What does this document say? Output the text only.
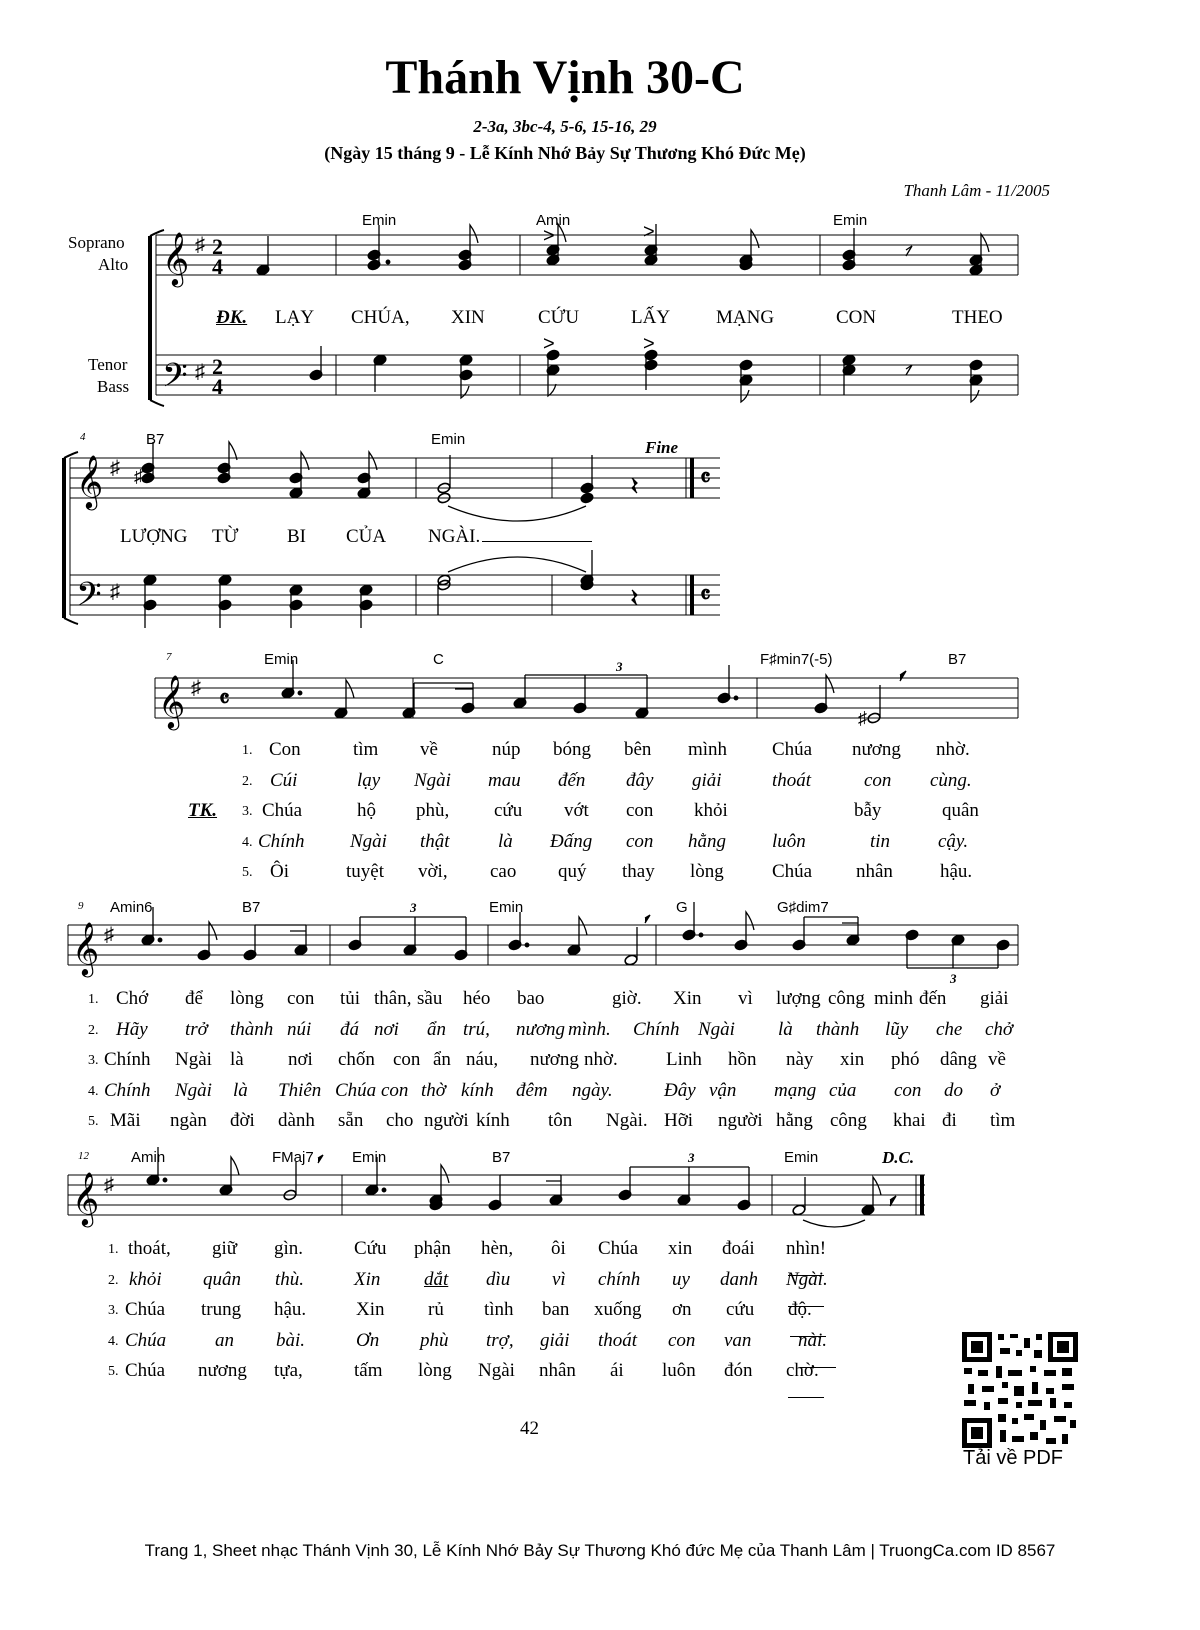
Thánh Vịnh 30-C
2-3a, 3bc-4, 5-6, 15-16, 29
(Ngày 15 tháng 9 - Lễ Kính Nhớ Bảy Sự Thương Khó Đức Mẹ)
Thanh Lâm - 11/2005
Soprano
Alto
Tenor
Bass
𝄞
𝄢
𝄞
𝄢
𝄞
𝄞
𝄞
♯
♯
♯
♯
♯
♯
♯
2
4
2
4
𝄴
𝄴
𝄴
>	>
>	>
Fine
♯
♯
3
3
3
3	D.C.
4
7
9
12
Emin	Amin	Emin
B7	Emin
Emin	C	F♯min7(-5)	B7
Amin6	B7	Emin	G	G♯dim7
Amin	FMaj7	Emin	B7	Emin
ĐK. LẠY CHÚA, XIN	CỨU	LẤY MẠNG	CON	THEO
LƯỢNG TỪ	BI CỦA NGÀI.
TK.
1. Con	tìm về	núp bóng bên mình Chúa nương nhờ.
2. Cúi	lạy Ngài mau đến đây giải	thoát	con cùng.
3. Chúa	hộ phù, cứu vớt con khỏi	bẫy	quân
4. Chính Ngài thật	là Đấng con hằng luôn	tin	cậy.
5. Ôi	tuyệt vời, cao quý thay lòng	Chúa nhân hậu.
1. Chớ để lòng con tủi thân, sầu héo bao	giờ. Xin vì lượng công minh đến giải
2. Hãy trở thành núi đá nơi ẩn trú, nương mình. Chính Ngài là thành lũy che chở
3. Chính Ngài là nơi chốn con ẩn náu, nương nhờ.	Linh hồn này xin phó dâng về
4. Chính Ngài là Thiên Chúa con thờ kính đêm ngày.	Đây vận mạng của con do ở
5. Mãi ngàn đời dành sẵn cho người kính tôn Ngài. Hỡi người hằng công khai đi tìm
1. thoát, giữ gìn.	Cứu phận hèn, ôi Chúa xin đoái nhìn!
2. khỏi quân thù.	Xin dắt dìu vì chính uy danh Ngài.
3. Chúa trung hậu.	Xin rủ tình ban xuống ơn cứu độ.
4. Chúa	an bài.	Ơn phù trợ, giải thoát con van nài.
5. Chúa nương tựa,	tấm lòng Ngài nhân ái luôn đón chờ.
42
Tải về PDF
Trang 1, Sheet nhạc Thánh Vịnh 30, Lễ Kính Nhớ Bảy Sự Thương Khó đức Mẹ của Thanh Lâm | TruongCa.com ID 8567
